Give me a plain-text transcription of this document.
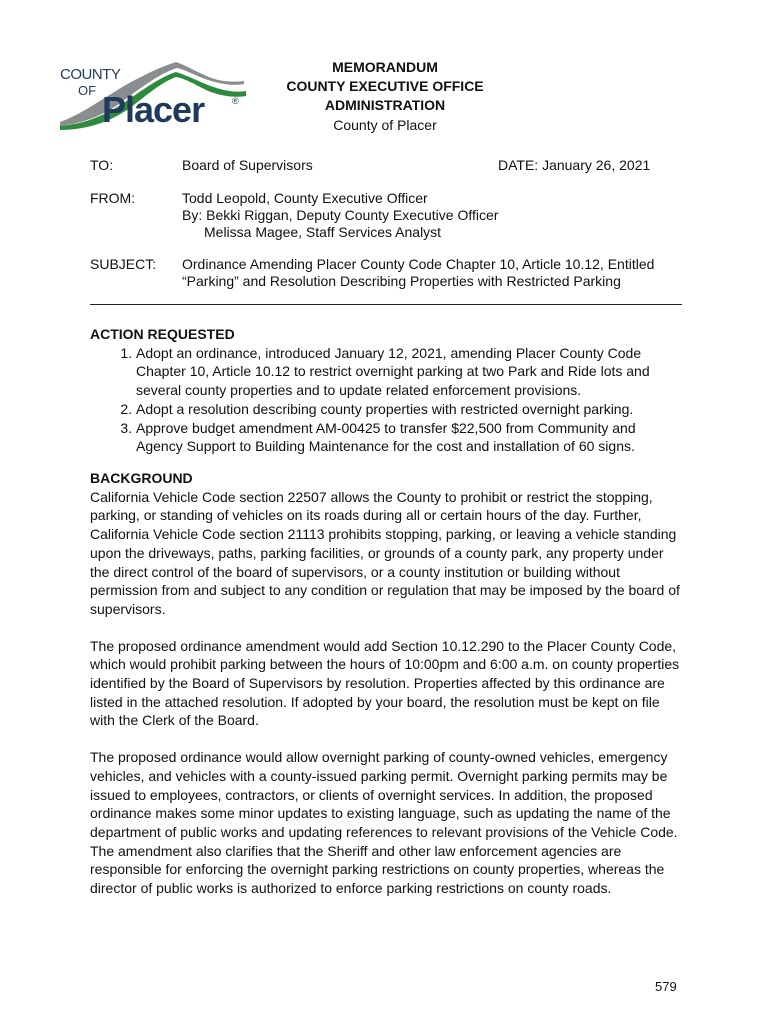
COUNTY
OF Placer	®
MEMORANDUM
COUNTY EXECUTIVE OFFICE
ADMINISTRATION
County of Placer
TO:	Board of Supervisors	DATE: January 26, 2021
FROM:	Todd Leopold, County Executive Officer
By: Bekki Riggan, Deputy County Executive Officer
Melissa Magee, Staff Services Analyst
SUBJECT: Ordinance Amending Placer County Code Chapter 10, Article 10.12, Entitled
“Parking” and Resolution Describing Properties with Restricted Parking
ACTION REQUESTED
1. Adopt an ordinance, introduced January 12, 2021, amending Placer County Code Chapter 10, Article 10.12 to restrict overnight parking at two Park and Ride lots and several county properties and to update related enforcement provisions.
2. Adopt a resolution describing county properties with restricted overnight parking.
3. Approve budget amendment AM-00425 to transfer $22,500 from Community and Agency Support to Building Maintenance for the cost and installation of 60 signs.
BACKGROUND

California Vehicle Code section 22507 allows the County to prohibit or restrict the stopping, parking, or standing of vehicles on its roads during all or certain hours of the day. Further, California Vehicle Code section 21113 prohibits stopping, parking, or leaving a vehicle standing upon the driveways, paths, parking facilities, or grounds of a county park, any property under the direct control of the board of supervisors, or a county institution or building without permission from and subject to any condition or regulation that may be imposed by the board of supervisors.

The proposed ordinance amendment would add Section 10.12.290 to the Placer County Code, which would prohibit parking between the hours of 10:00pm and 6:00 a.m. on county properties identified by the Board of Supervisors by resolution. Properties affected by this ordinance are listed in the attached resolution. If adopted by your board, the resolution must be kept on file with the Clerk of the Board.

The proposed ordinance would allow overnight parking of county-owned vehicles, emergency vehicles, and vehicles with a county-issued parking permit. Overnight parking permits may be issued to employees, contractors, or clients of overnight services. In addition, the proposed ordinance makes some minor updates to existing language, such as updating the name of the department of public works and updating references to relevant provisions of the Vehicle Code. The amendment also clarifies that the Sheriff and other law enforcement agencies are responsible for enforcing the overnight parking restrictions on county properties, whereas the director of public works is authorized to enforce parking restrictions on county roads.

579
